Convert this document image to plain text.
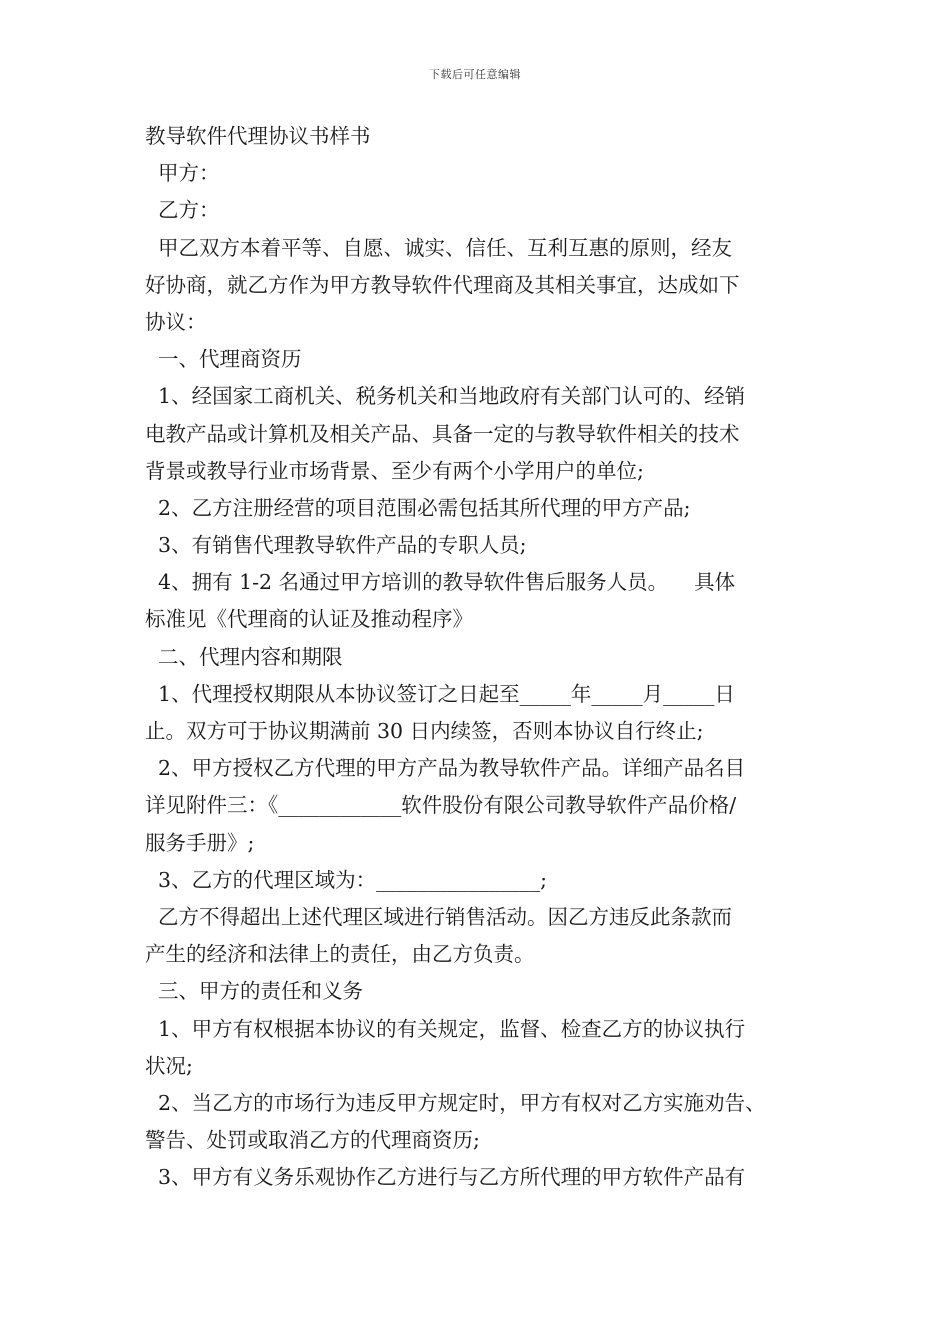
下载后可任意编辑
教导软件代理协议书样书
甲方：
乙方：
甲乙双方本着平等、自愿、诚实、信任、互利互惠的原则，经友
好协商，就乙方作为甲方教导软件代理商及其相关事宜，达成如下
协议：
一、代理商资历
1、经国家工商机关、税务机关和当地政府有关部门认可的、经销
电教产品或计算机及相关产品、具备一定的与教导软件相关的技术
背景或教导行业市场背景、至少有两个小学用户的单位;
2、乙方注册经营的项目范围必需包括其所代理的甲方产品;
3、有销售代理教导软件产品的专职人员;
4、拥有 1-2 名通过甲方培训的教导软件售后服务人员。    具体
标准见《代理商的认证及推动程序》
二、代理内容和期限
1、代理授权期限从本协议签订之日起至_____年_____月_____日
止。双方可于协议期满前 30 日内续签，否则本协议自行终止;
2、甲方授权乙方代理的甲方产品为教导软件产品。详细产品名目
详见附件三：《____________软件股份有限公司教导软件产品价格/
服务手册》;
3、乙方的代理区域为：________________;
乙方不得超出上述代理区域进行销售活动。因乙方违反此条款而
产生的经济和法律上的责任，由乙方负责。
三、甲方的责任和义务
1、甲方有权根据本协议的有关规定，监督、检查乙方的协议执行
状况;
2、当乙方的市场行为违反甲方规定时，甲方有权对乙方实施劝告、
警告、处罚或取消乙方的代理商资历;
3、甲方有义务乐观协作乙方进行与乙方所代理的甲方软件产品有
